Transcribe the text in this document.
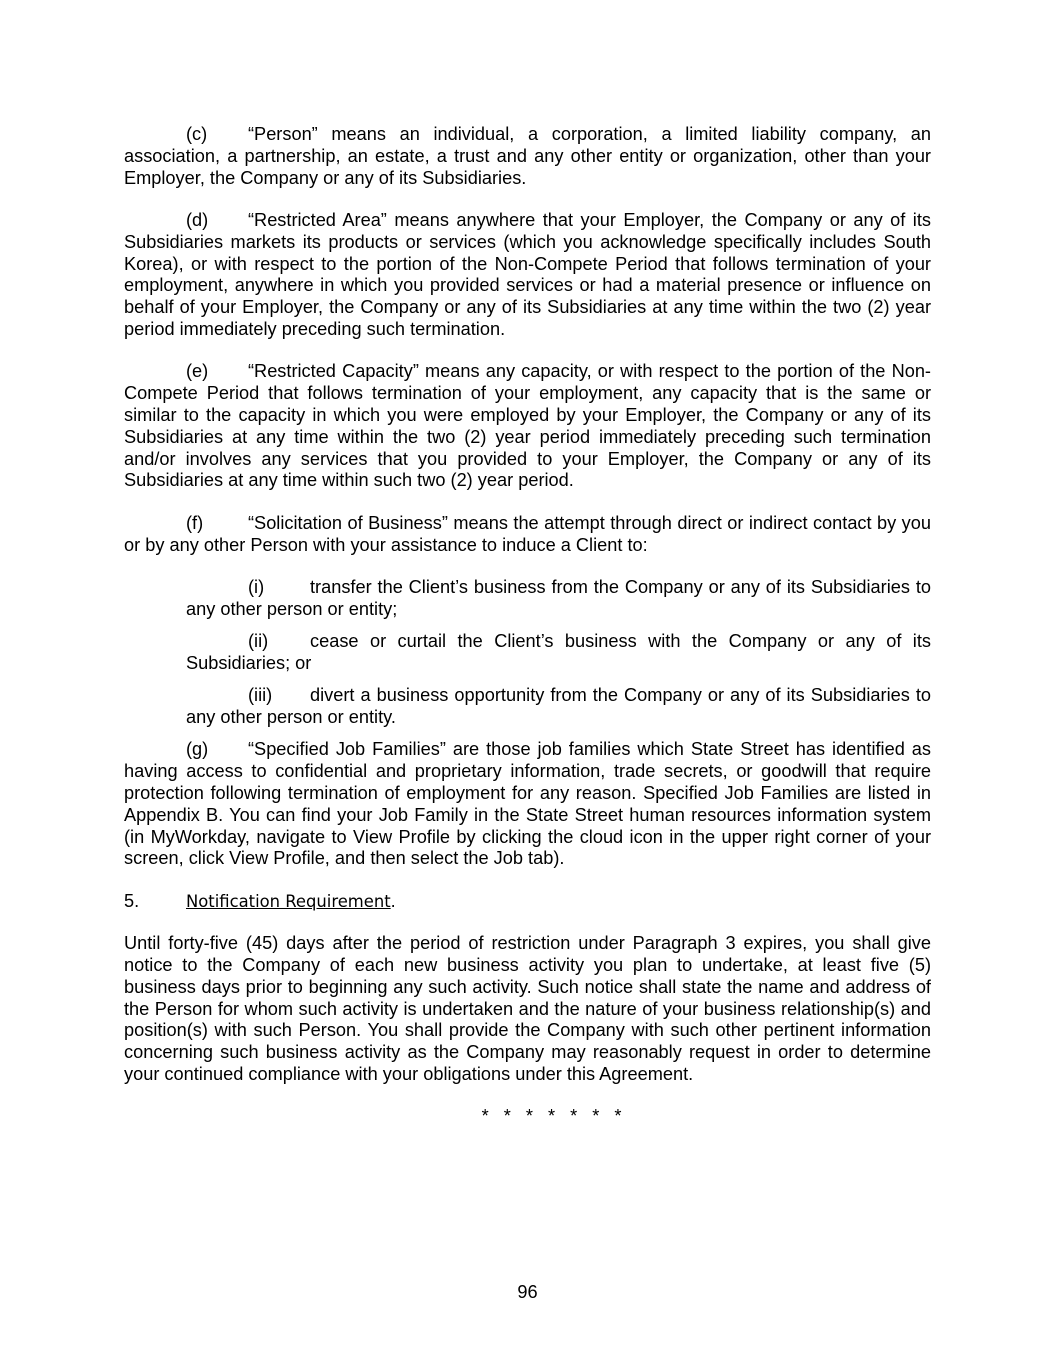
(c) “Person” means an individual, a corporation, a limited liability company, an association, a partnership, an estate, a trust and any other entity or organization, other than your Employer, the Company or any of its Subsidiaries.

(d) “Restricted Area” means anywhere that your Employer, the Company or any of its Subsidiaries markets its products or services (which you acknowledge specifically includes South Korea), or with respect to the portion of the Non-Compete Period that follows termination of your employment, anywhere in which you provided services or had a material presence or influence on behalf of your Employer, the Company or any of its Subsidiaries at any time within the two (2) year period immediately preceding such termination.

(e) “Restricted Capacity” means any capacity, or with respect to the portion of the Non-Compete Period that follows termination of your employment, any capacity that is the same or similar to the capacity in which you were employed by your Employer, the Company or any of its Subsidiaries at any time within the two (2) year period immediately preceding such termination and/or involves any services that you provided to your Employer, the Company or any of its Subsidiaries at any time within such two (2) year period.

(f) “Solicitation of Business” means the attempt through direct or indirect contact by you or by any other Person with your assistance to induce a Client to:

(i)	transfer the Client’s business from the Company or any of its Subsidiaries to any other person or entity;

(ii) cease or curtail the Client’s business with the Company or any of its Subsidiaries; or

(iii) divert a business opportunity from the Company or any of its Subsidiaries to any other person or entity.

(g) “Specified Job Families” are those job families which State Street has identified as having access to confidential and proprietary information, trade secrets, or goodwill that require protection following termination of employment for any reason. Specified Job Families are listed in Appendix B. You can find your Job Family in the State Street human resources information system (in MyWorkday, navigate to View Profile by clicking the cloud icon in the upper right corner of your screen, click View Profile, and then select the Job tab).

5.	Notification Requirement.

Until forty-five (45) days after the period of restriction under Paragraph 3 expires, you shall give notice to the Company of each new business activity you plan to undertake, at least five (5) business days prior to beginning any such activity. Such notice shall state the name and address of the Person for whom such activity is undertaken and the nature of your business relationship(s) and position(s) with such Person. You shall provide the Company with such other pertinent information concerning such business activity as the Company may reasonably request in order to determine your continued compliance with your obligations under this Agreement.

* * * * * * *

96
